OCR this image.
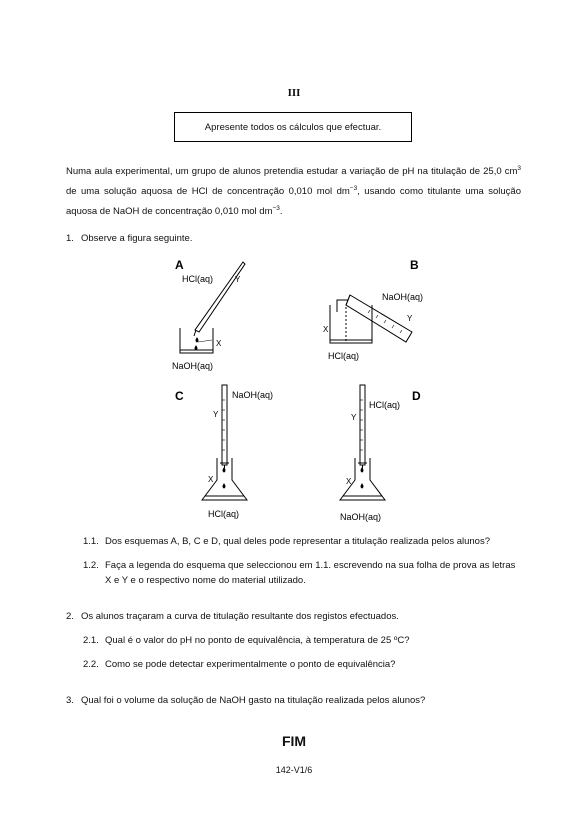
III
Apresente todos os cálculos que efectuar.
Numa aula experimental, um grupo de alunos pretendia estudar a variação de pH na titulação de 25,0 $cm^3$ de uma solução aquosa de HCl de concentração 0,010 mol $dm^{-3}$, usando como titulante uma solução aquosa de NaOH de concentração 0,010 mol $dm^{-3}$.
1. Observe a figura seguinte.
A	B
C	D
HCl(aq)	Y
X
NaOH(aq)
NaOH(aq)
Y
X
HCl(aq)
NaOH(aq)
Y
X
HCl(aq)
HCl(aq)
Y
X
NaOH(aq)
1.1. Dos esquemas A, B, C e D, qual deles pode representar a titulação realizada pelos alunos?
1.2. Faça a legenda do esquema que seleccionou em 1.1. escrevendo na sua folha de prova as letras X e Y e o respectivo nome do material utilizado.
2. Os alunos traçaram a curva de titulação resultante dos registos efectuados.
2.1. Qual é o valor do pH no ponto de equivalência, à temperatura de 25 ºC?
2.2. Como se pode detectar experimentalmente o ponto de equivalência?
3. Qual foi o volume da solução de NaOH gasto na titulação realizada pelos alunos?
FIM
142-V1/6
